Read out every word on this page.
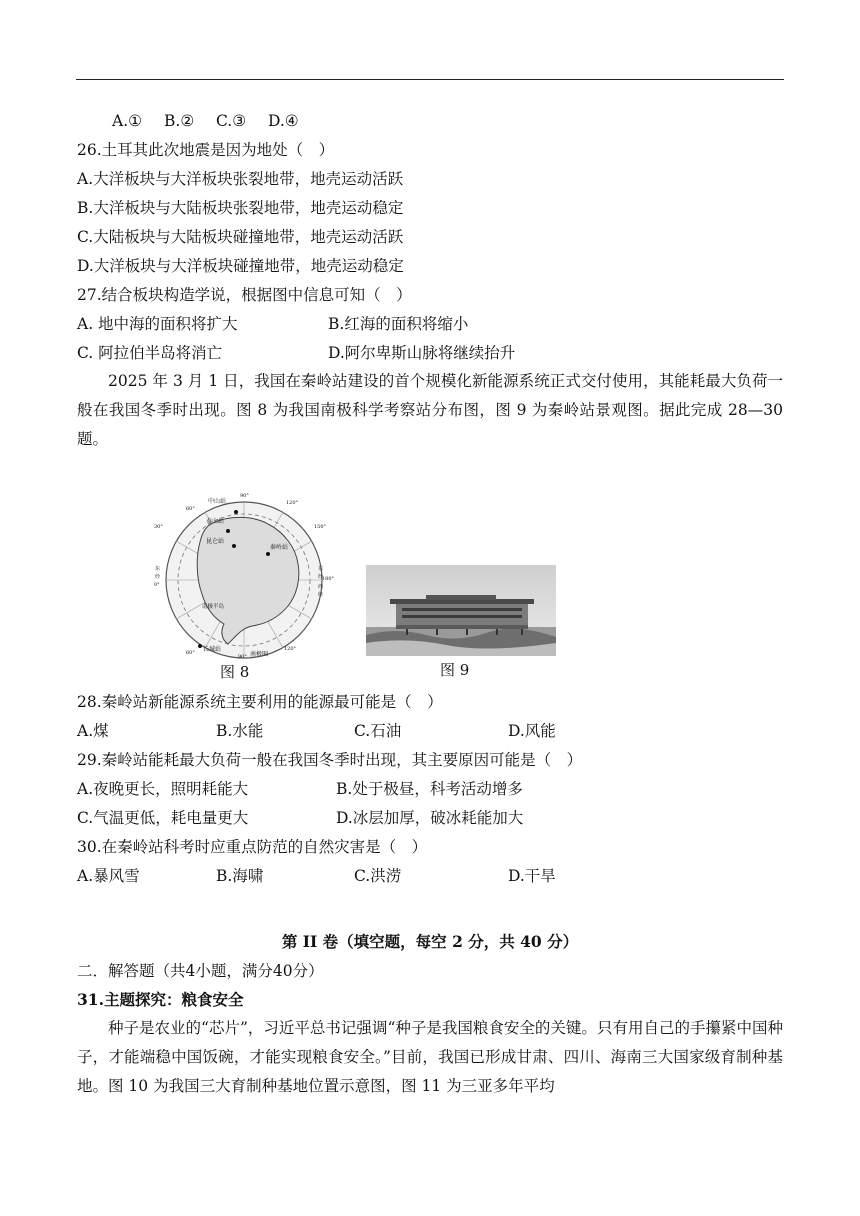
A.① B.② C.③ D.④
26.土耳其此次地震是因为地处（　）
A.大洋板块与大洋板块张裂地带，地壳运动活跃
B.大洋板块与大陆板块张裂地带，地壳运动稳定
C.大陆板块与大陆板块碰撞地带，地壳运动活跃
D.大洋板块与大洋板块碰撞地带，地壳运动稳定
27.结合板块构造学说，根据图中信息可知（　）
A. 地中海的面积将扩大	B.红海的面积将缩小
C. 阿拉伯半岛将消亡	D.阿尔卑斯山脉将继续抬升
2025 年 3 月 1 日，我国在秦岭站建设的首个规模化新能源系统正式交付使用，其能耗最大负荷一般在我国冬季时出现。图 8 为我国南极科学考察站分布图，图 9 为秦岭站景观图。据此完成 28—30 题。
中山站
泰山站
昆仑站
秦岭站
长城站
南极半岛
南极圈
东
经
东
经
西
经
90°
120°
60°
150°
30°
180°
0°
90°
60°
120°
图 8	图 9
28.秦岭站新能源系统主要利用的能源最可能是（　）
A.煤	B.水能	C.石油	D.风能
29.秦岭站能耗最大负荷一般在我国冬季时出现，其主要原因可能是（　）
A.夜晚更长，照明耗能大	B.处于极昼，科考活动增多
C.气温更低，耗电量更大	D.冰层加厚，破冰耗能加大
30.在秦岭站科考时应重点防范的自然灾害是（　）
A.暴风雪	B.海啸	C.洪涝	D.干旱
第 II 卷（填空题，每空 2 分，共 40 分）
二．解答题（共4小题，满分40分）
31.主题探究：粮食安全
种子是农业的“芯片”，习近平总书记强调“种子是我国粮食安全的关键。只有用自己的手攥紧中国种子，才能端稳中国饭碗，才能实现粮食安全。”目前，我国已形成甘肃、四川、海南三大国家级育制种基地。图 10 为我国三大育制种基地位置示意图，图 11 为三亚多年平均
